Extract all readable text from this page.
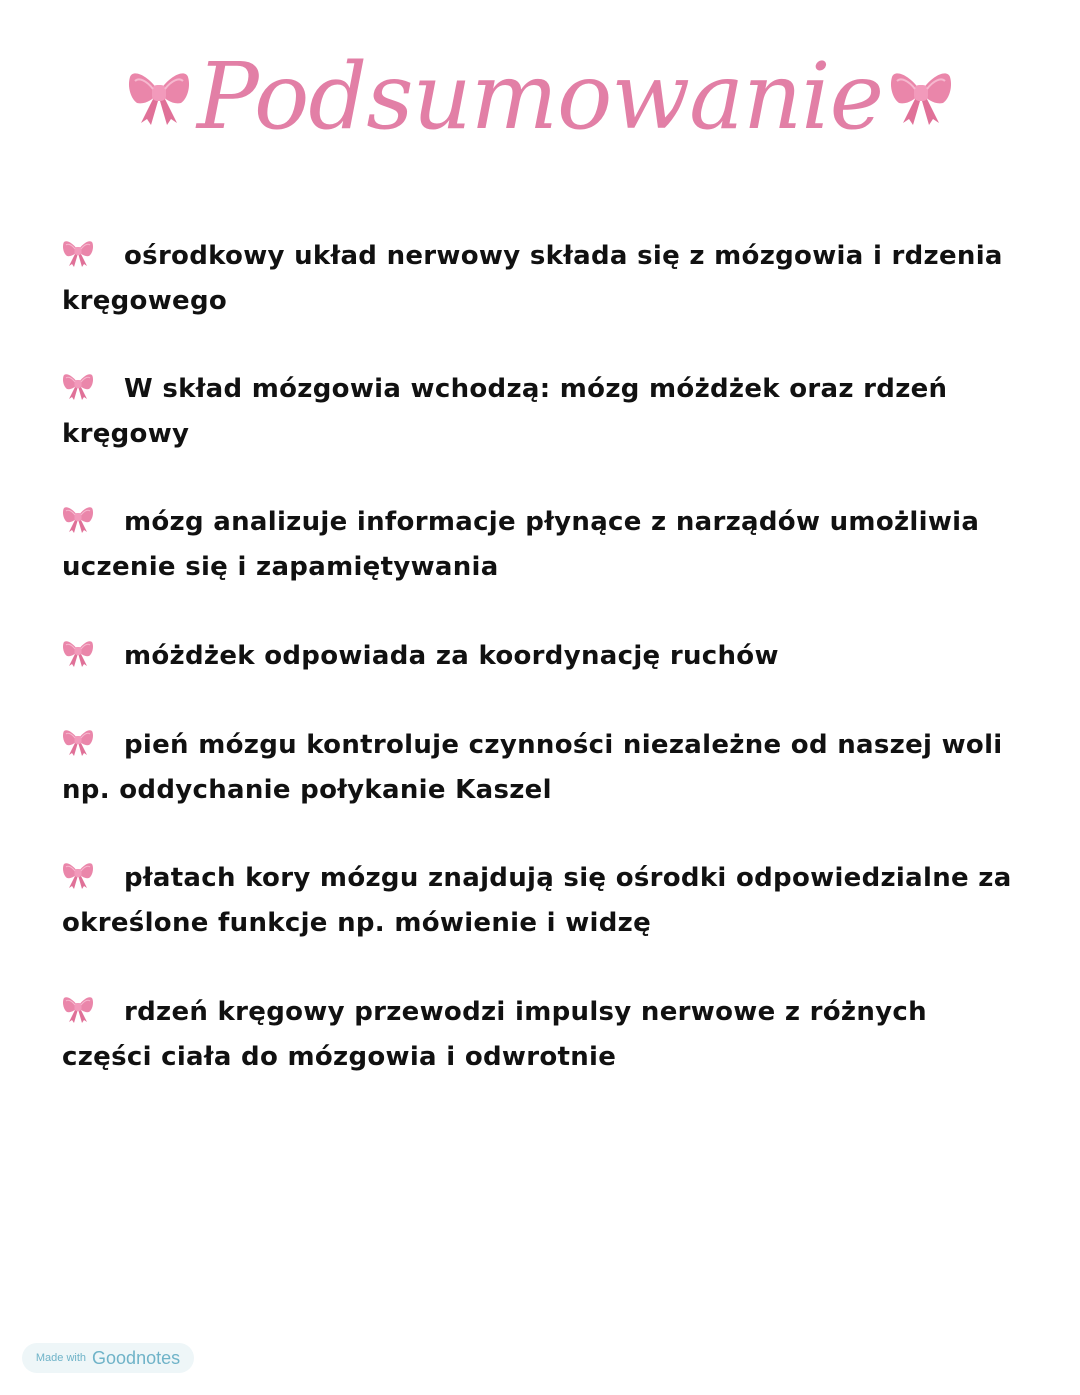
Podsumowanie
ośrodkowy układ nerwowy składa się z mózgowia i rdzenia kręgowego
W skład mózgowia wchodzą: mózg móżdżek oraz rdzeń kręgowy
mózg analizuje informacje płynące z narządów umożliwia uczenie się i zapamiętywania
móżdżek odpowiada za koordynację ruchów
pień mózgu kontroluje czynności niezależne od naszej woli np. oddychanie połykanie Kaszel
płatach kory mózgu znajdują się ośrodki odpowiedzialne za określone funkcje np. mówienie i widzę
rdzeń kręgowy przewodzi impulsy nerwowe z różnych części ciała do mózgowia i odwrotnie
Made with Goodnotes
